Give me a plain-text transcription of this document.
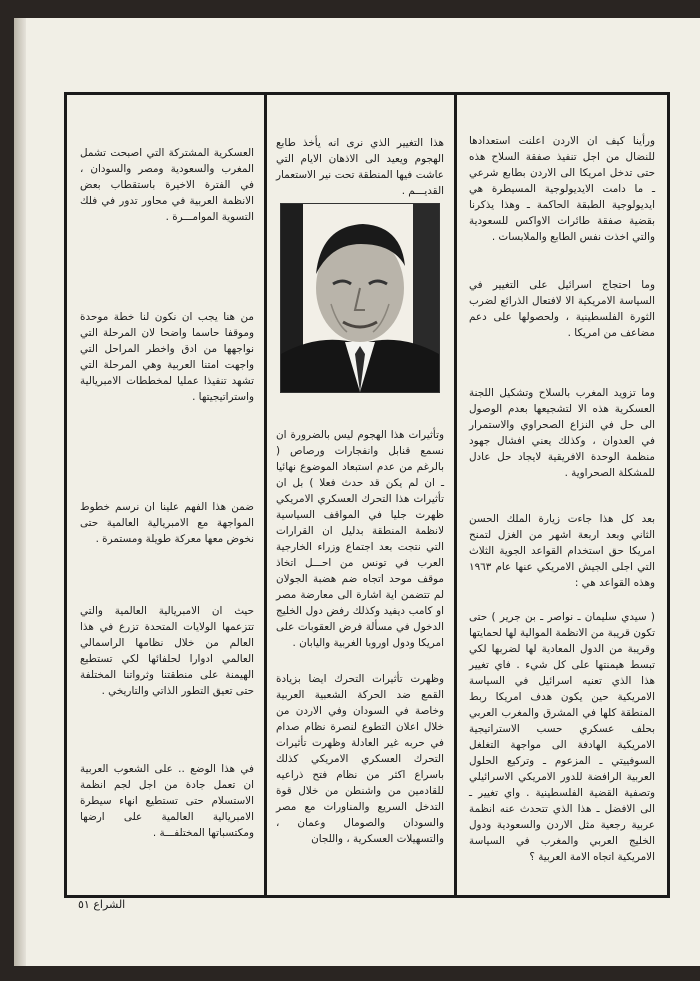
ورأينا كيف ان الاردن اعلنت استعدادها للنضال من اجل تنفيذ صفقة السلاح هذه حتى تدخل امريكا الى الاردن بطابع شرعي ـ ما دامت الايديولوجية المسيطرة هي ايديولوجية الطبقة الحاكمة ـ وهذا يذكرنا بقضية صفقة طائرات الاواكس للسعودية والتي اخذت نفس الطابع والملابسات .

وما احتجاج اسرائيل على التغيير في السياسة الامريكية الا لافتعال الذرائع لضرب الثورة الفلسطينية ، ولحصولها على دعم مضاعف من امريكا .

وما تزويد المغرب بالسلاح وتشكيل اللجنة العسكرية هذه الا لتشجيعها بعدم الوصول الى حل في النزاع الصحراوي والاستمرار في العدوان ، وكذلك يعني افشال جهود منظمة الوحدة الافريقية لايجاد حل عادل للمشكلة الصحراوية .

بعد كل هذا جاءت زيارة الملك الحسن الثاني وبعد اربعة اشهر من الغزل لتمنح امريكا حق استخدام القواعد الجوية الثلاث التي اجلى الجيش الامريكي عنها عام ١٩٦٣ وهذه القواعد هي :

( سيدي سليمان ـ نواصر ـ بن جرير ) حتى تكون قريبة من الانظمة الموالية لها لحمايتها وقريبة من الدول المعادية لها لضربها لكي تبسط هيمنتها على كل شيء . فاي تغيير هذا الذي تعنيه اسرائيل في السياسة الامريكية حين يكون هدف امريكا ربط المنطقة كلها في المشرق والمغرب العربي بحلف عسكري حسب الاستراتيجية الامريكية الهادفة الى مواجهة التغلغل السوفييتي ـ المزعوم ـ وتركيع الحلول العربية الرافضة للدور الامريكي الاسرائيلي وتصفية القضية الفلسطينية . واي تغيير ـ الى الافضل ـ هذا الذي تتحدث عنه انظمة عربية رجعية مثل الاردن والسعودية ودول الخليج العربي والمغرب في السياسة الامريكية اتجاه الامة العربية ؟

هذا التغيير الذي نرى انه يأخذ طابع الهجوم ويعيد الى الاذهان الايام التي عاشت فيها المنطقة تحت نير الاستعمار القديـــم .

وتأثيرات هذا الهجوم ليس بالضرورة ان نسمع قنابل وانفجارات ورصاص ( بالرغم من عدم استبعاد الموضوع نهائيا ـ ان لم يكن قد حدث فعلا ) بل ان تأثيرات هذا التحرك العسكري الامريكي ظهرت جليا في المواقف السياسية لانظمة المنطقة بدليل ان القرارات التي نتجت بعد اجتماع وزراء الخارجية العرب في تونس من احـــل اتخاذ موقف موحد اتجاه ضم هضبة الجولان لم تتضمن اية اشارة الى معارضة مصر او كامب ديفيد وكذلك رفض دول الخليج الدخول في مسألة فرض العقوبات على امريكا ودول اوروبا الغربية واليابان .

وظهرت تأثيرات التحرك ايضا بزيادة القمع ضد الحركة الشعبية العربية وخاصة في السودان وفي الاردن من خلال اعلان التطوع لنصرة نظام صدام في حربه غير العادلة وظهرت تأثيرات التحرك العسكري الامريكي كذلك باسراع اكثر من نظام فتح ذراعيه للقادمين من واشنطن من خلال قوة التدخل السريع والمناورات مع مصر والسودان والصومال وعمان ، والتسهيلات العسكرية ، واللجان

العسكرية المشتركة التي اصبحت تشمل المغرب والسعودية ومصر والسودان ، في الفترة الاخيرة باستقطاب بعض الانظمة العربية في محاور تدور في فلك التسوية الموامـــرة .

من هنا يجب ان نكون لنا خطة موحدة وموقفا حاسما واضحا لان المرحلة التي نواجهها من ادق واخطر المراحل التي واجهت امتنا العربية وهي المرحلة التي تشهد تنفيذا عمليا لمخططات الامبريالية واستراتيجيتها .

ضمن هذا الفهم علينا ان نرسم خطوط المواجهة مع الامبريالية العالمية حتى نخوض معها معركة طويلة ومستمرة .

حيث ان الامبريالية العالمية والتي تتزعمها الولايات المتحدة تزرع في هذا العالم من خلال نظامها الراسمالي العالمي ادوارا لحلفائها لكي تستطيع الهيمنة على منطقتنا وثرواتنا المختلفة حتى تعيق التطور الذاتي والتاريخي .

في هذا الوضع .. على الشعوب العربية ان تعمل جادة من اجل لجم انظمة الاستسلام حتى تستطيع انهاء سيطرة الامبريالية العالمية على ارضها ومكتسباتها المختلفـــة .

الشراع ٥١
